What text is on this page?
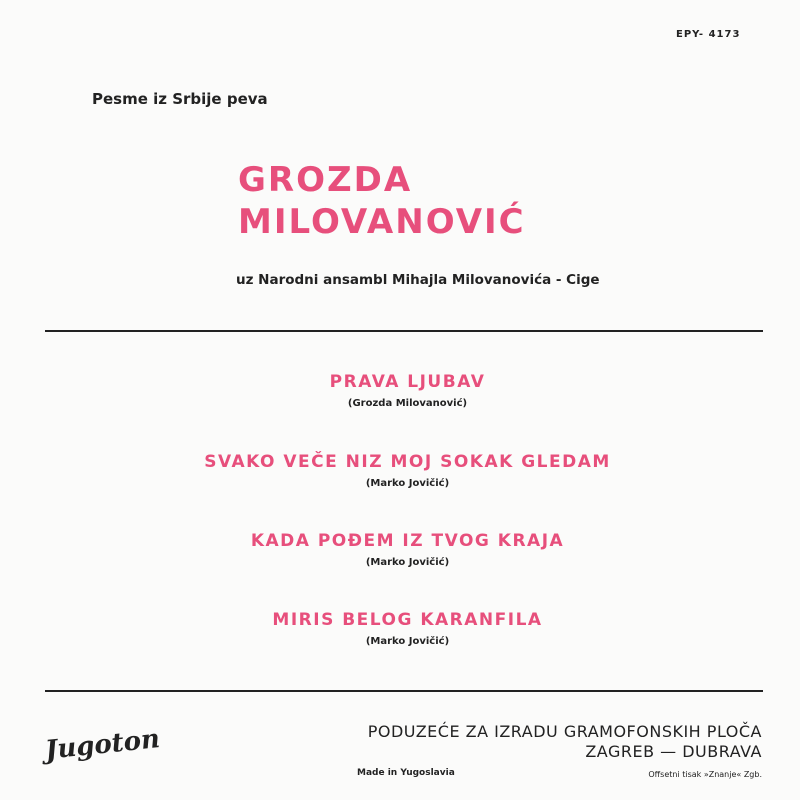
EPY- 4173
Pesme iz Srbije peva
GROZDA
MILOVANOVIĆ
uz Narodni ansambl Mihajla Milovanovića - Cige
PRAVA LJUBAV
(Grozda Milovanović)
SVAKO VEČE NIZ MOJ SOKAK GLEDAM
(Marko Jovičić)
KADA POĐEM IZ TVOG KRAJA
(Marko Jovičić)
MIRIS BELOG KARANFILA
(Marko Jovičić)
Jugoton	PODUZEĆE ZA IZRADU GRAMOFONSKIH PLOČA
ZAGREB — DUBRAVA
Made in Yugoslavia	Offsetni tisak »Znanje« Zgb.
